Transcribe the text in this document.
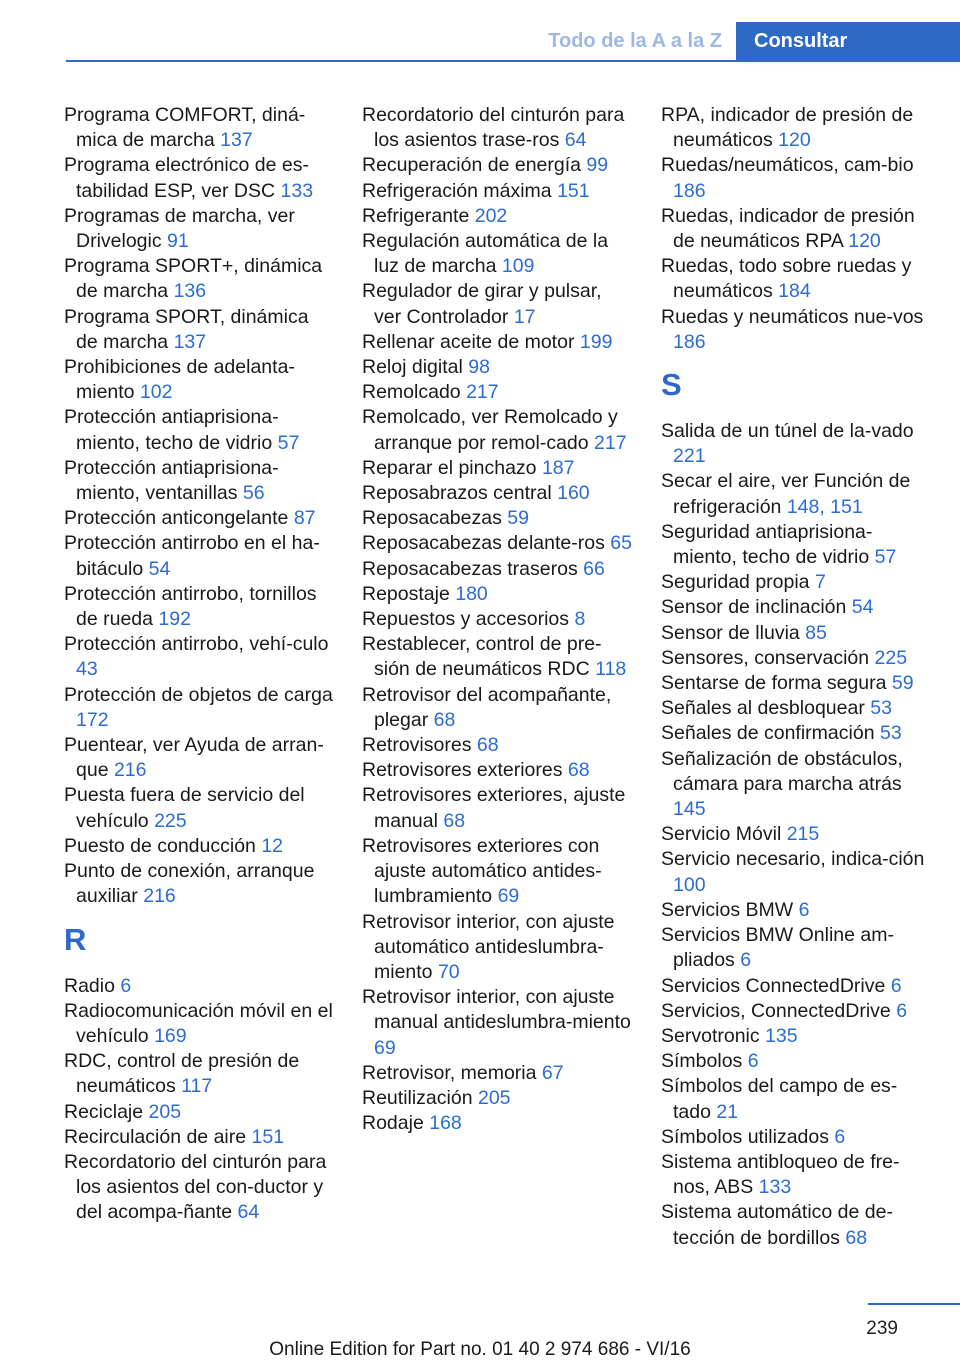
Todo de la A a la Z	Consultar

Programa COMFORT, diná-mica de marcha 137

Programa electrónico de es-tabilidad ESP, ver DSC 133

Programas de marcha, ver Drivelogic 91

Programa SPORT+, dinámica de marcha 136

Programa SPORT, dinámica de marcha 137

Prohibiciones de adelanta-miento 102

Protección antiaprisiona-miento, techo de vidrio 57

Protección antiaprisiona-miento, ventanillas 56

Protección anticongelante 87

Protección antirrobo en el ha-bitáculo 54

Protección antirrobo, tornillos de rueda 192

Protección antirrobo, vehí-culo 43

Protección de objetos de carga 172

Puentear, ver Ayuda de arran-que 216

Puesta fuera de servicio del vehículo 225

Puesto de conducción 12

Punto de conexión, arranque auxiliar 216

R

Radio 6

Radiocomunicación móvil en el vehículo 169

RDC, control de presión de neumáticos 117

Reciclaje 205

Recirculación de aire 151

Recordatorio del cinturón para los asientos del con-ductor y del acompa-ñante 64

Recordatorio del cinturón para los asientos trase-ros 64

Recuperación de energía 99

Refrigeración máxima 151

Refrigerante 202

Regulación automática de la luz de marcha 109

Regulador de girar y pulsar, ver Controlador 17

Rellenar aceite de motor 199

Reloj digital 98

Remolcado 217

Remolcado, ver Remolcado y arranque por remol-cado 217

Reparar el pinchazo 187

Reposabrazos central 160

Reposacabezas 59

Reposacabezas delante-ros 65

Reposacabezas traseros 66

Repostaje 180

Repuestos y accesorios 8

Restablecer, control de pre-sión de neumáticos RDC 118

Retrovisor del acompañante, plegar 68

Retrovisores 68

Retrovisores exteriores 68

Retrovisores exteriores, ajuste manual 68

Retrovisores exteriores con ajuste automático antides-lumbramiento 69

Retrovisor interior, con ajuste automático antideslumbra-miento 70

Retrovisor interior, con ajuste manual antideslumbra-miento 69

Retrovisor, memoria 67

Reutilización 205

Rodaje 168

RPA, indicador de presión de neumáticos 120

Ruedas/neumáticos, cam-bio 186

Ruedas, indicador de presión de neumáticos RPA 120

Ruedas, todo sobre ruedas y neumáticos 184

Ruedas y neumáticos nue-vos 186

S

Salida de un túnel de la-vado 221

Secar el aire, ver Función de refrigeración 148, 151

Seguridad antiaprisiona-miento, techo de vidrio 57

Seguridad propia 7

Sensor de inclinación 54

Sensor de lluvia 85

Sensores, conservación 225

Sentarse de forma segura 59

Señales al desbloquear 53

Señales de confirmación 53

Señalización de obstáculos, cámara para marcha atrás 145

Servicio Móvil 215

Servicio necesario, indica-ción 100

Servicios BMW 6

Servicios BMW Online am-pliados 6

Servicios ConnectedDrive 6

Servicios, ConnectedDrive 6

Servotronic 135

Símbolos 6

Símbolos del campo de es-tado 21

Símbolos utilizados 6

Sistema antibloqueo de fre-nos, ABS 133

Sistema automático de de-tección de bordillos 68

239
Online Edition for Part no. 01 40 2 974 686 - VI/16
